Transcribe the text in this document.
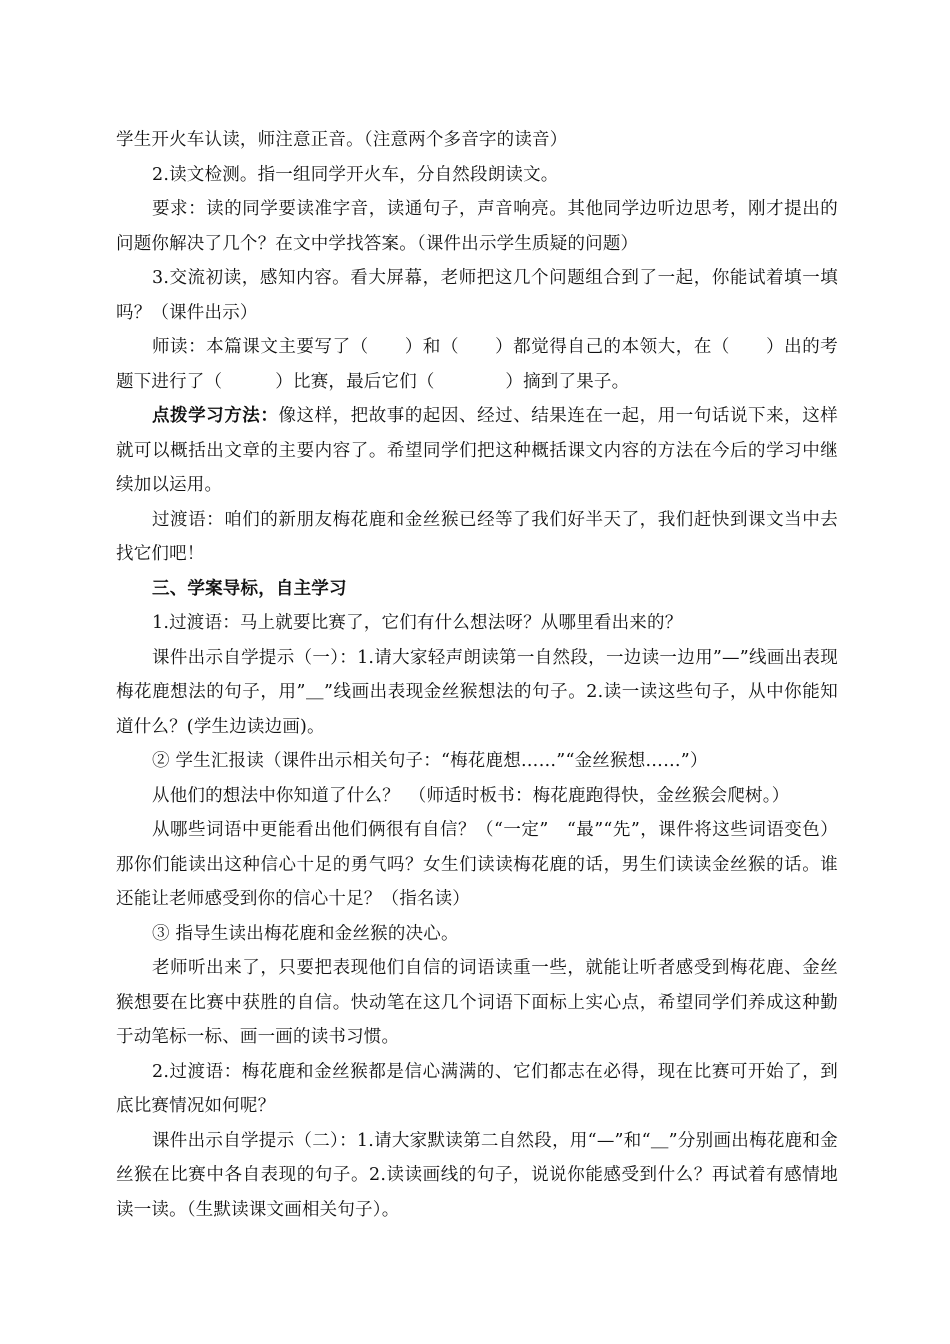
学生开火车认读，师注意正音。（注意两个多音字的读音）

2.读文检测。指一组同学开火车，分自然段朗读文。

要求：读的同学要读准字音，读通句子，声音响亮。其他同学边听边思考，刚才提出的问题你解决了几个？在文中学找答案。（课件出示学生质疑的问题）

3.交流初读，感知内容。看大屏幕，老师把这几个问题组合到了一起，你能试着填一填吗？（课件出示）

师读：本篇课文主要写了（　　）和（　　）都觉得自己的本领大，在（　　）出的考题下进行了（　　　）比赛，最后它们（　　　　）摘到了果子。

点拨学习方法：像这样，把故事的起因、经过、结果连在一起，用一句话说下来，这样就可以概括出文章的主要内容了。希望同学们把这种概括课文内容的方法在今后的学习中继续加以运用。

过渡语：咱们的新朋友梅花鹿和金丝猴已经等了我们好半天了，我们赶快到课文当中去找它们吧！

三、学案导标，自主学习

1.过渡语：马上就要比赛了，它们有什么想法呀？从哪里看出来的？

课件出示自学提示（一）：1.请大家轻声朗读第一自然段，一边读一边用”—”线画出表现梅花鹿想法的句子，用”＿”线画出表现金丝猴想法的句子。2.读一读这些句子，从中你能知道什么？(学生边读边画)。

② 学生汇报读（课件出示相关句子：“梅花鹿想……”“金丝猴想……”）

从他们的想法中你知道了什么？　（师适时板书：梅花鹿跑得快，金丝猴会爬树。）

从哪些词语中更能看出他们俩很有自信？（“一定”　“最”“先”，课件将这些词语变色）那你们能读出这种信心十足的勇气吗？女生们读读梅花鹿的话，男生们读读金丝猴的话。谁还能让老师感受到你的信心十足？（指名读）

③ 指导生读出梅花鹿和金丝猴的决心。

老师听出来了，只要把表现他们自信的词语读重一些，就能让听者感受到梅花鹿、金丝猴想要在比赛中获胜的自信。快动笔在这几个词语下面标上实心点，希望同学们养成这种勤于动笔标一标、画一画的读书习惯。

2.过渡语：梅花鹿和金丝猴都是信心满满的、它们都志在必得，现在比赛可开始了，到底比赛情况如何呢？

课件出示自学提示（二）：1.请大家默读第二自然段，用“—”和“＿”分别画出梅花鹿和金丝猴在比赛中各自表现的句子。2.读读画线的句子，说说你能感受到什么？再试着有感情地读一读。（生默读课文画相关句子）。
